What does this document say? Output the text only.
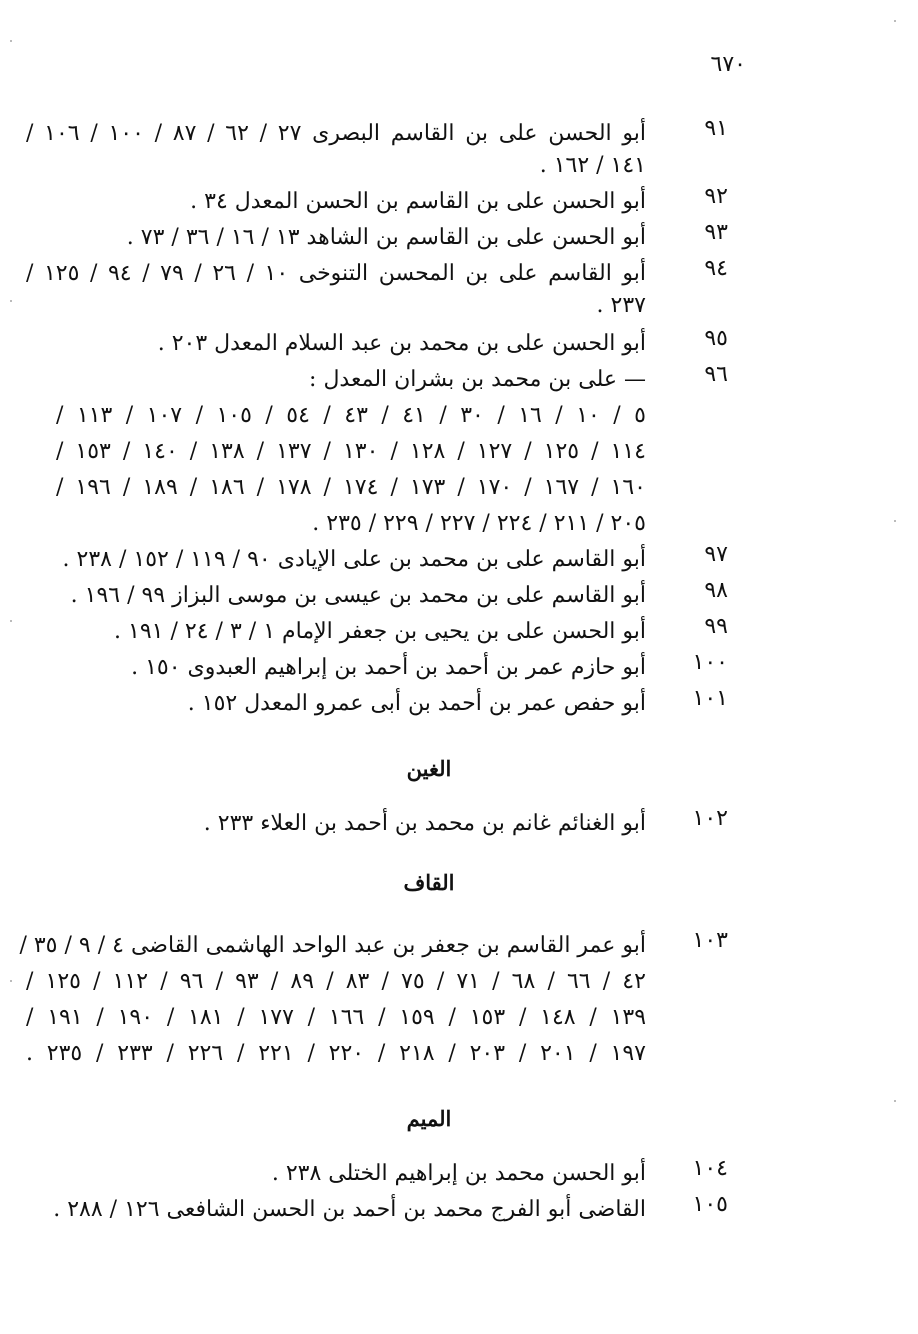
٦٧٠
٩١
أبو الحسن على بن القاسم البصرى ٢٧ / ٦٢ / ٨٧ / ١٠٠ / ١٠٦ /
١٤١ / ١٦٢ .
٩٢
أبو الحسن على بن القاسم بن الحسن المعدل ٣٤ .
٩٣
أبو الحسن على بن القاسم بن الشاهد ١٣ / ١٦ / ٣٦ / ٧٣ .
٩٤
أبو القاسم على بن المحسن التنوخى ١٠ / ٢٦ / ٧٩ / ٩٤ / ١٢٥ /
٢٣٧ .
٩٥
أبو الحسن على بن محمد بن عبد السلام المعدل ٢٠٣ .
٩٦
— على بن محمد بن بشران المعدل :
٥ / ١٠ / ١٦ / ٣٠ / ٤١ / ٤٣ / ٥٤ / ١٠٥ / ١٠٧ / ١١٣ /
١١٤ / ١٢٥ / ١٢٧ / ١٢٨ / ١٣٠ / ١٣٧ / ١٣٨ / ١٤٠ / ١٥٣ /
١٦٠ / ١٦٧ / ١٧٠ / ١٧٣ / ١٧٤ / ١٧٨ / ١٨٦ / ١٨٩ / ١٩٦ /
٢٠٥ / ٢١١ / ٢٢٤ / ٢٢٧ / ٢٢٩ / ٢٣٥ .
٩٧
أبو القاسم على بن محمد بن على الإيادى ٩٠ / ١١٩ / ١٥٢ / ٢٣٨ .
٩٨
أبو القاسم على بن محمد بن عيسى بن موسى البزاز ٩٩ / ١٩٦ .
٩٩
أبو الحسن على بن يحيى بن جعفر الإمام ١ / ٣ / ٢٤ / ١٩١ .
١٠٠
أبو حازم عمر بن أحمد بن أحمد بن إبراهيم العبدوى ١٥٠ .
١٠١
أبو حفص عمر بن أحمد بن أبى عمرو المعدل ١٥٢ .
الغين
١٠٢
أبو الغنائم غانم بن محمد بن أحمد بن العلاء ٢٣٣ .
القاف
١٠٣
أبو عمر القاسم بن جعفر بن عبد الواحد الهاشمى القاضى ٤ / ٩ / ٣٥ /
٤٢ / ٦٦ / ٦٨ / ٧١ / ٧٥ / ٨٣ / ٨٩ / ٩٣ / ٩٦ / ١١٢ / ١٢٥ /
١٣٩ / ١٤٨ / ١٥٣ / ١٥٩ / ١٦٦ / ١٧٧ / ١٨١ / ١٩٠ / ١٩١ /
١٩٧ / ٢٠١ / ٢٠٣ / ٢١٨ / ٢٢٠ / ٢٢١ / ٢٢٦ / ٢٣٣ / ٢٣٥ .
الميم
١٠٤
أبو الحسن محمد بن إبراهيم الختلى ٢٣٨ .
١٠٥
القاضى أبو الفرج محمد بن أحمد بن الحسن الشافعى ١٢٦ / ٢٨٨ .
